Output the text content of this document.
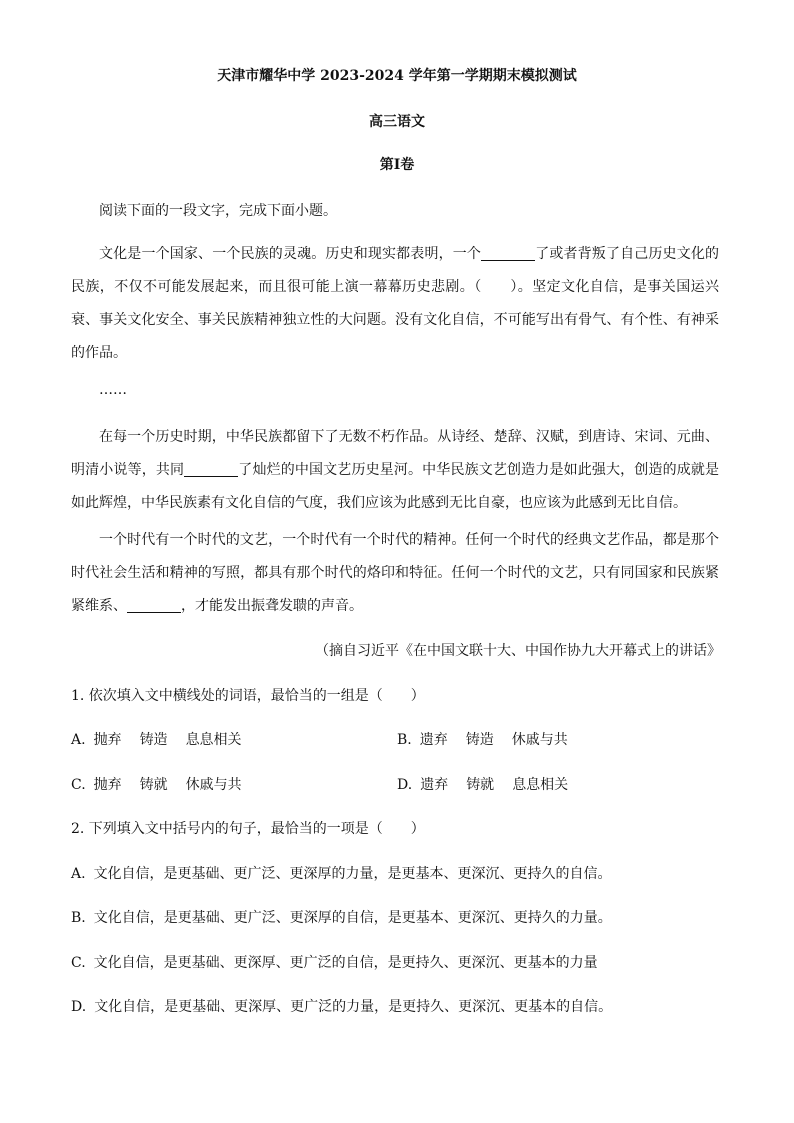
天津市耀华中学 2023-2024 学年第一学期期末模拟测试
高三语文
第Ⅰ卷
阅读下面的一段文字，完成下面小题。
文化是一个国家、一个民族的灵魂。历史和现实都表明，一个	了或者背叛了自己历史文化的民族，不仅不可能发展起来，而且很可能上演一幕幕历史悲剧。（　　）。坚定文化自信，是事关国运兴衰、事关文化安全、事关民族精神独立性的大问题。没有文化自信，不可能写出有骨气、有个性、有神采的作品。
……
在每一个历史时期，中华民族都留下了无数不朽作品。从诗经、楚辞、汉赋，到唐诗、宋词、元曲、明清小说等，共同	了灿烂的中国文艺历史星河。中华民族文艺创造力是如此强大，创造的成就是如此辉煌，中华民族素有文化自信的气度，我们应该为此感到无比自豪，也应该为此感到无比自信。
一个时代有一个时代的文艺，一个时代有一个时代的精神。任何一个时代的经典文艺作品，都是那个时代社会生活和精神的写照，都具有那个时代的烙印和特征。任何一个时代的文艺，只有同国家和民族紧紧维系、	，才能发出振聋发聩的声音。
（摘自习近平《在中国文联十大、中国作协九大开幕式上的讲话》
1. 依次填入文中横线处的词语，最恰当的一组是（　　）
A. 抛弃 铸造 息息相关	B. 遗弃 铸造 休戚与共
C. 抛弃 铸就 休戚与共	D. 遗弃 铸就 息息相关
2. 下列填入文中括号内的句子，最恰当的一项是（　　）
A. 文化自信，是更基础、更广泛、更深厚的力量，是更基本、更深沉、更持久的自信。
B. 文化自信，是更基础、更广泛、更深厚的自信，是更基本、更深沉、更持久的力量。
C. 文化自信，是更基础、更深厚、更广泛的自信，是更持久、更深沉、更基本的力量
D. 文化自信，是更基础、更深厚、更广泛的力量，是更持久、更深沉、更基本的自信。
